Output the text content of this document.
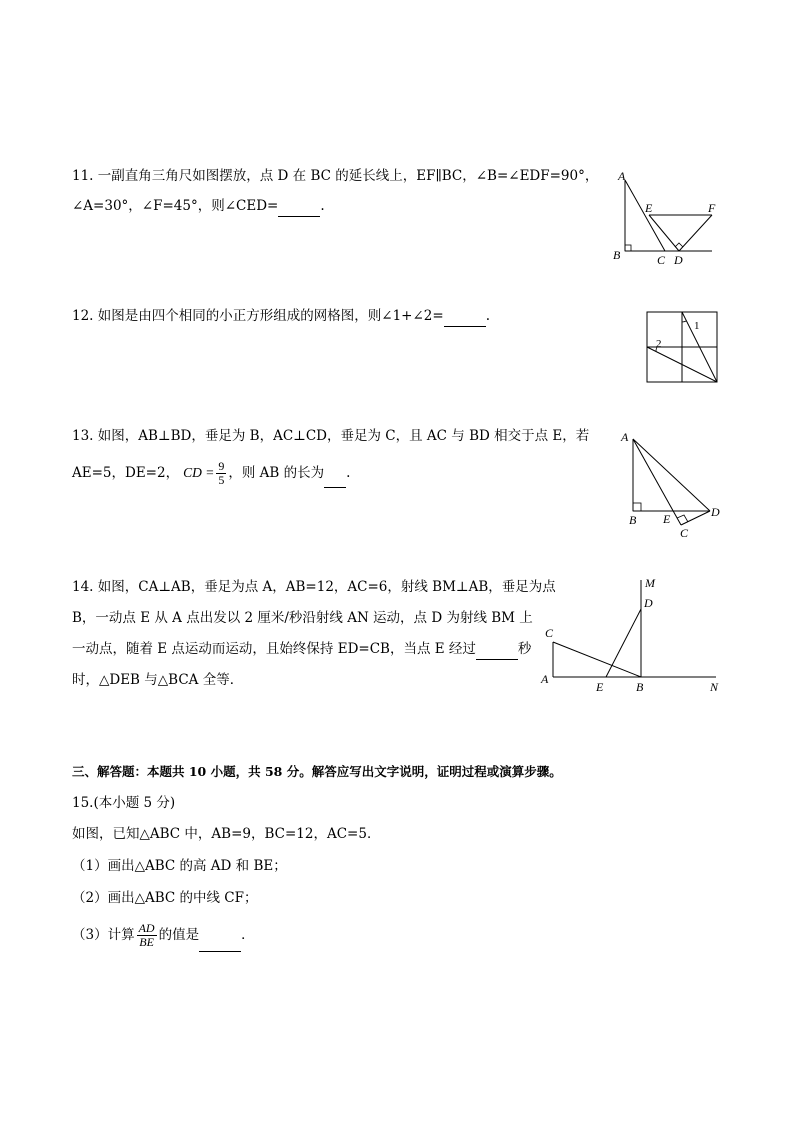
11. 一副直角三角尺如图摆放，点 D 在 BC 的延长线上，EF∥BC，∠B=∠EDF=90°，
∠A=30°，∠F=45°，则∠CED=	.
A
E	F
B	C D
12. 如图是由四个相同的小正方形组成的网格图，则∠1+∠2=	.
1
2
13. 如图，AB⊥BD，垂足为 B，AC⊥CD，垂足为 C，且 AC 与 BD 相交于点 E，若
AE=5，DE=2， CD = $\frac{9}{5}$ ，则 AB 的长为 .
A
B E
C
D
14. 如图，CA⊥AB，垂足为点 A，AB=12，AC=6，射线 BM⊥AB，垂足为点
B，一动点 E 从 A 点出发以 2 厘米/秒沿射线 AN 运动，点 D 为射线 BM 上
一动点，随着 E 点运动而运动，且始终保持 ED=CB，当点 E 经过	秒
时，△DEB 与△BCA 全等．
M
D
C
A
E	B	N
三、解答题：本题共 10 小题，共 58 分。解答应写出文字说明，证明过程或演算步骤。
15.(本小题 5 分)
如图，已知△ABC 中，AB=9，BC=12，AC=5．
（1）画出△ABC 的高 AD 和 BE；
（2）画出△ABC 的中线 CF；
（3）计算 $\frac{AD}{BE}$ 的值是	．
